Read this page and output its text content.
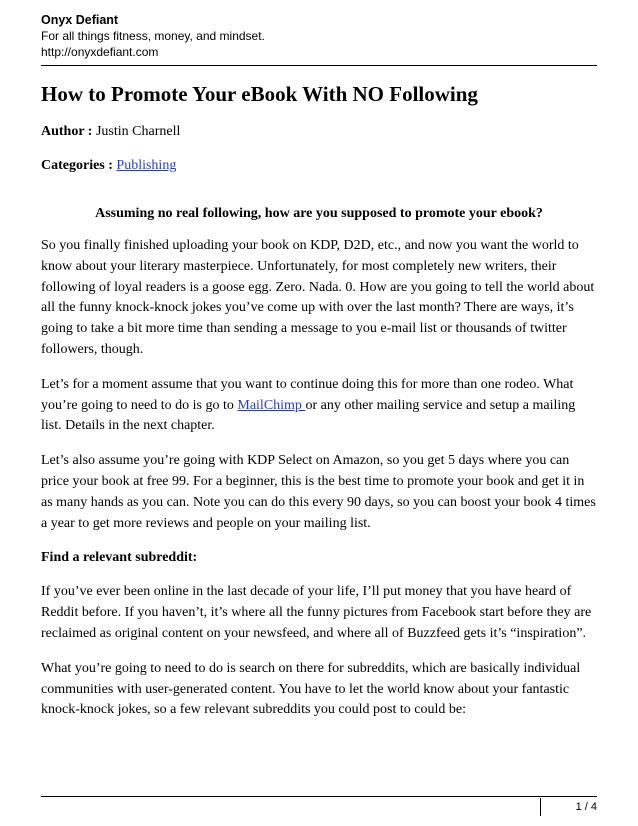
Onyx Defiant
For all things fitness, money, and mindset.
http://onyxdefiant.com
How to Promote Your eBook With NO Following
Author : Justin Charnell
Categories : Publishing
Assuming no real following, how are you supposed to promote your ebook?

So you finally finished uploading your book on KDP, D2D, etc., and now you want the world to know about your literary masterpiece. Unfortunately, for most completely new writers, their following of loyal readers is a goose egg. Zero. Nada. 0. How are you going to tell the world about all the funny knock-knock jokes you’ve come up with over the last month? There are ways, it’s going to take a bit more time than sending a message to you e-mail list or thousands of twitter followers, though.

Let’s for a moment assume that you want to continue doing this for more than one rodeo. What you’re going to need to do is go to MailChimp or any other mailing service and setup a mailing list. Details in the next chapter.

Let’s also assume you’re going with KDP Select on Amazon, so you get 5 days where you can price your book at free 99. For a beginner, this is the best time to promote your book and get it in as many hands as you can. Note you can do this every 90 days, so you can boost your book 4 times a year to get more reviews and people on your mailing list.

Find a relevant subreddit:

If you’ve ever been online in the last decade of your life, I’ll put money that you have heard of Reddit before. If you haven’t, it’s where all the funny pictures from Facebook start before they are reclaimed as original content on your newsfeed, and where all of Buzzfeed gets it’s “inspiration”.

What you’re going to need to do is search on there for subreddits, which are basically individual communities with user-generated content. You have to let the world know about your fantastic knock-knock jokes, so a few relevant subreddits you could post to could be:

1 / 4
